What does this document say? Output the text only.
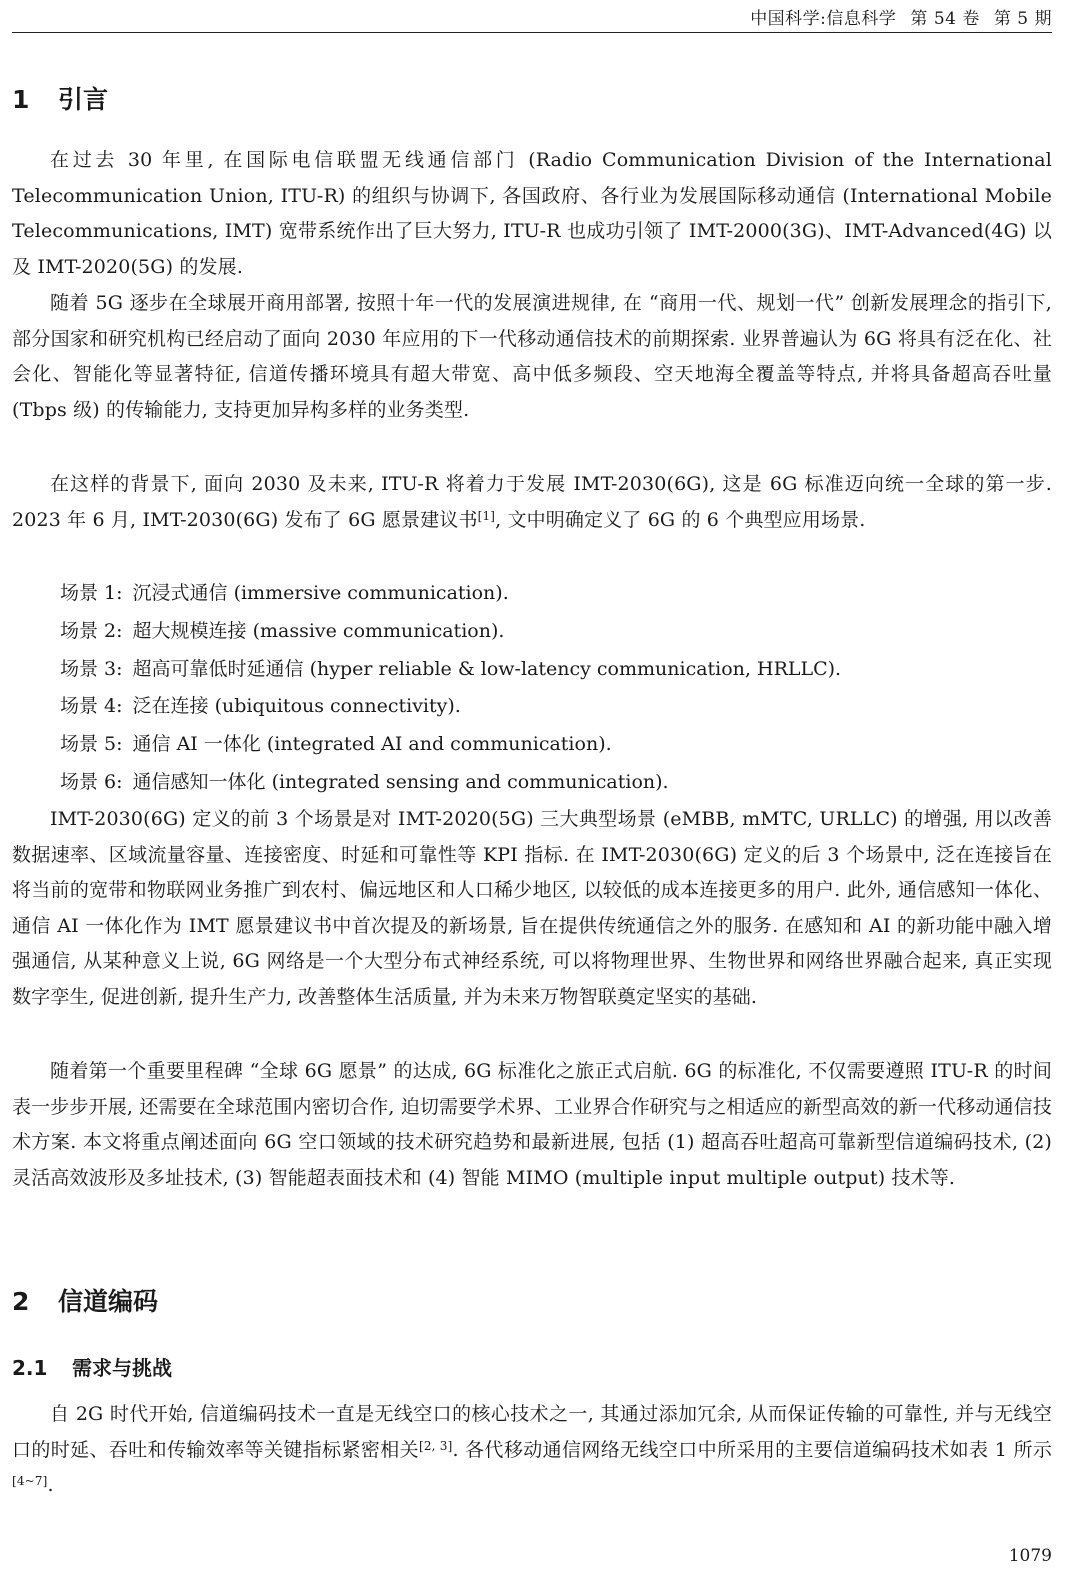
中国科学:信息科学 第 54 卷 第 5 期
1 引言

在过去 30 年里, 在国际电信联盟无线通信部门 (Radio Communication Division of the International Telecommunication Union, ITU-R) 的组织与协调下, 各国政府、各行业为发展国际移动通信 (International Mobile Telecommunications, IMT) 宽带系统作出了巨大努力, ITU-R 也成功引领了 IMT-2000(3G)、IMT-Advanced(4G) 以及 IMT-2020(5G) 的发展.

随着 5G 逐步在全球展开商用部署, 按照十年一代的发展演进规律, 在 “商用一代、规划一代” 创新发展理念的指引下, 部分国家和研究机构已经启动了面向 2030 年应用的下一代移动通信技术的前期探索. 业界普遍认为 6G 将具有泛在化、社会化、智能化等显著特征, 信道传播环境具有超大带宽、高中低多频段、空天地海全覆盖等特点, 并将具备超高吞吐量 (Tbps 级) 的传输能力, 支持更加异构多样的业务类型.

在这样的背景下, 面向 2030 及未来, ITU-R 将着力于发展 IMT-2030(6G), 这是 6G 标准迈向统一全球的第一步. 2023 年 6 月, IMT-2030(6G) 发布了 6G 愿景建议书[1], 文中明确定义了 6G 的 6 个典型应用场景.

场景 1: 沉浸式通信 (immersive communication).
场景 2: 超大规模连接 (massive communication).
场景 3: 超高可靠低时延通信 (hyper reliable & low-latency communication, HRLLC).
场景 4: 泛在连接 (ubiquitous connectivity).
场景 5: 通信 AI 一体化 (integrated AI and communication).
场景 6: 通信感知一体化 (integrated sensing and communication).

IMT-2030(6G) 定义的前 3 个场景是对 IMT-2020(5G) 三大典型场景 (eMBB, mMTC, URLLC) 的增强, 用以改善数据速率、区域流量容量、连接密度、时延和可靠性等 KPI 指标. 在 IMT-2030(6G) 定义的后 3 个场景中, 泛在连接旨在将当前的宽带和物联网业务推广到农村、偏远地区和人口稀少地区, 以较低的成本连接更多的用户. 此外, 通信感知一体化、通信 AI 一体化作为 IMT 愿景建议书中首次提及的新场景, 旨在提供传统通信之外的服务. 在感知和 AI 的新功能中融入增强通信, 从某种意义上说, 6G 网络是一个大型分布式神经系统, 可以将物理世界、生物世界和网络世界融合起来, 真正实现数字孪生, 促进创新, 提升生产力, 改善整体生活质量, 并为未来万物智联奠定坚实的基础.

随着第一个重要里程碑 “全球 6G 愿景” 的达成, 6G 标准化之旅正式启航. 6G 的标准化, 不仅需要遵照 ITU-R 的时间表一步步开展, 还需要在全球范围内密切合作, 迫切需要学术界、工业界合作研究与之相适应的新型高效的新一代移动通信技术方案. 本文将重点阐述面向 6G 空口领域的技术研究趋势和最新进展, 包括 (1) 超高吞吐超高可靠新型信道编码技术, (2) 灵活高效波形及多址技术, (3) 智能超表面技术和 (4) 智能 MIMO (multiple input multiple output) 技术等.

2 信道编码
2.1 需求与挑战

自 2G 时代开始, 信道编码技术一直是无线空口的核心技术之一, 其通过添加冗余, 从而保证传输的可靠性, 并与无线空口的时延、吞吐和传输效率等关键指标紧密相关[2, 3]. 各代移动通信网络无线空口中所采用的主要信道编码技术如表 1 所示[4~7].

1079
